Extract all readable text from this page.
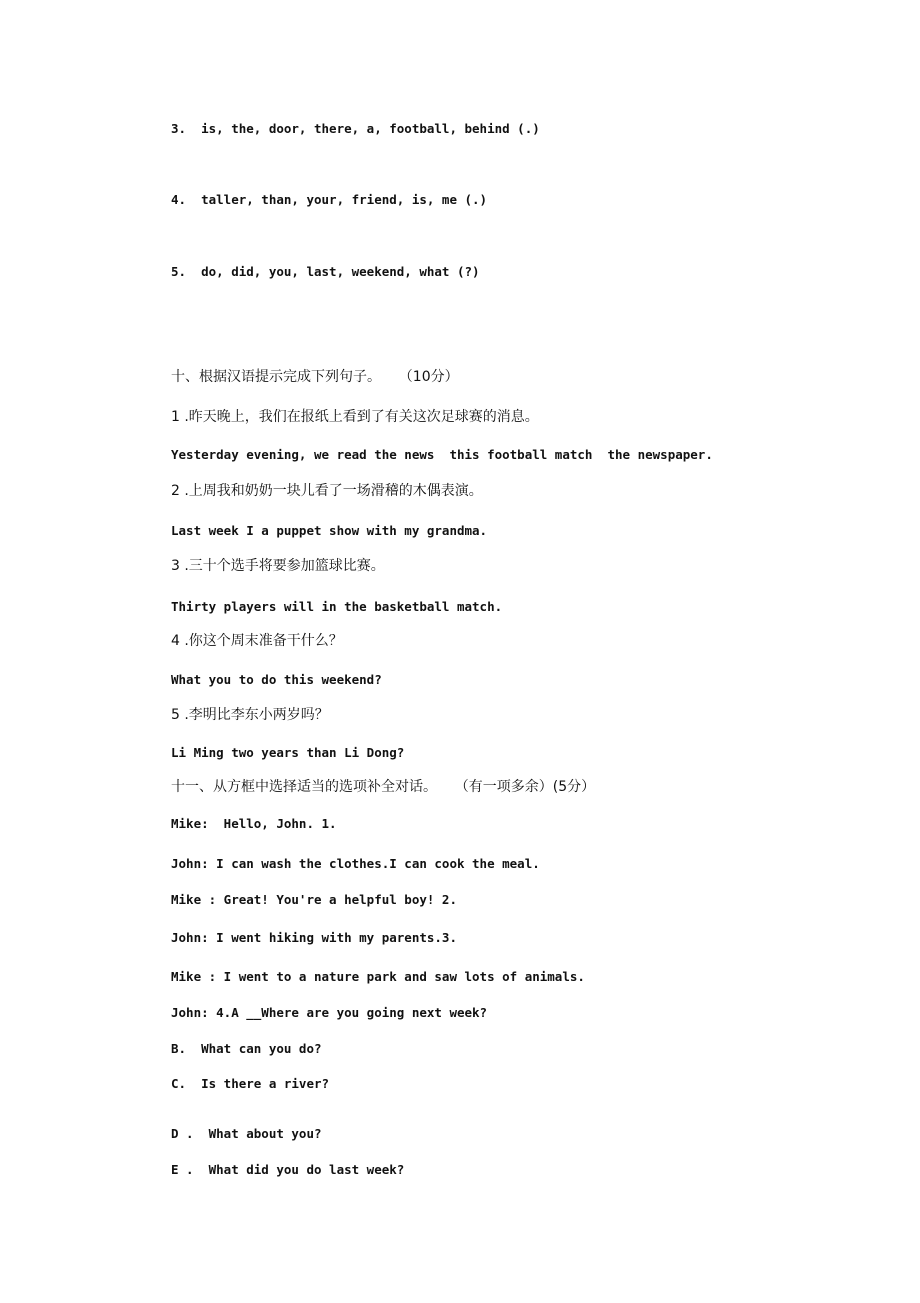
3.  is, the, door, there, a, football, behind (.)
4.  taller, than, your, friend, is, me (.)
5.  do, did, you, last, weekend, what (?)
十、根据汉语提示完成下列句子。    （10分）
1 .昨天晚上，我们在报纸上看到了有关这次足球赛的消息。
Yesterday evening, we read the news  this football match  the newspaper.
2 .上周我和奶奶一块儿看了一场滑稽的木偶表演。
Last week I a puppet show with my grandma.
3 .三十个选手将要参加篮球比赛。
Thirty players will in the basketball match.
4 .你这个周末准备干什么？
What you to do this weekend?
5 .李明比李东小两岁吗？
Li Ming two years than Li Dong?
十一、从方框中选择适当的选项补全对话。    （有一项多余）(5分）
Mike:  Hello, John. 1.
John: I can wash the clothes.I can cook the meal.
Mike : Great! You're a helpful boy! 2.
John: I went hiking with my parents.3.
Mike : I went to a nature park and saw lots of animals.
John: 4.A __Where are you going next week?
B.  What can you do?
C.  Is there a river?
D .  What about you?
E .  What did you do last week?
